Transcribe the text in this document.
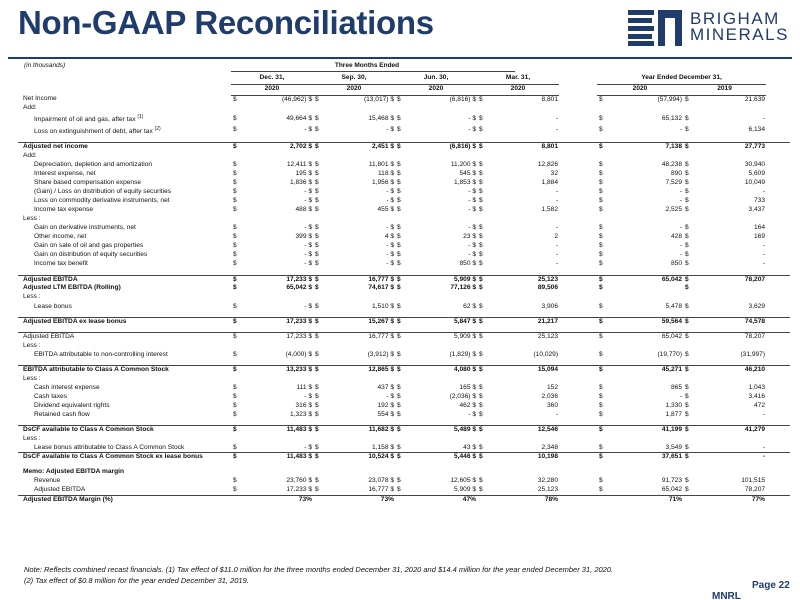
Non-GAAP Reconciliations	BRIGHAM
MINERALS
(in thousands)	Three Months Ended
	Dec. 31,		Sep. 30,		Jun. 30,		Mar. 31,			Year Ended December 31,				
	2020		2020		2020		2020			2020		2019		
Net Income	$	(46,962) $	$	(13,017) $	$	(6,816) $	$	8,801		$	(57,994)	$	21,639	
Add:														
Impairment of oil and gas, after tax $^{(1)}$	$	49,664 $	$	15,468 $	$	- $	$	-		$	65,132	$	-	
Loss on extinguishment of debt, after tax $^{(2)}$	$	- $	$	- $	$	- $	$	-		$	-	$	6,134	

Adjusted net income	$	2,702 $	$	2,451 $	$	(6,816) $	$	8,801		$	7,138	$	27,773	
Add:														
Depreciation, depletion and amortization	$	12,411 $	$	11,801 $	$	11,200 $	$	12,826		$	48,238	$	30,940	
Interest expense, net	$	195 $	$	118 $	$	545 $	$	32		$	890	$	5,609	
Share based compensation expense	$	1,836 $	$	1,956 $	$	1,853 $	$	1,884		$	7,529	$	10,049	
(Gain) / Loss on distribution of equity securities	$	- $	$	- $	$	- $	$	-		$	-	$	-	
Loss on commodity derivative instruments, net	$	- $	$	- $	$	- $	$	-		$	-	$	733	
Income tax expense	$	488 $	$	455 $	$	- $	$	1,582		$	2,525	$	3,437	
Less :														
Gain on derivative instruments, net	$	- $	$	- $	$	- $	$	-		$	-	$	164	
Other income, net	$	399 $	$	4 $	$	23 $	$	2		$	428	$	169	
Gain on sale of oil and gas properties	$	- $	$	- $	$	- $	$	-		$	-	$	-	
Gain on distribution of equity securities	$	- $	$	- $	$	- $	$	-		$	-	$	-	
Income tax benefit	$	- $	$	- $	$	850 $	$	-		$	850	$	-	

Adjusted EBITDA	$	17,233 $	$	16,777 $	$	5,909 $	$	25,123		$	65,042	$	78,207	
Adjusted LTM EBITDA (Rolling)	$	65,042 $	$	74,617 $	$	77,126 $	$	89,506		$		$		
Less :														
Lease bonus	$	- $	$	1,510 $	$	62 $	$	3,906		$	5,478	$	3,629	

Adjusted EBITDA ex lease bonus	$	17,233 $	$	15,267 $	$	5,847 $	$	21,217		$	59,564	$	74,578	

Adjusted EBITDA	$	17,233 $	$	16,777 $	$	5,909 $	$	25,123		$	65,042	$	78,207	
Less :														
EBITDA attributable to non-controlling interest	$	(4,000) $	$	(3,912) $	$	(1,829) $	$	(10,029)		$	(19,770)	$	(31,997)	

EBITDA attributable to Class A Common Stock	$	13,233 $	$	12,865 $	$	4,080 $	$	15,094		$	45,271	$	46,210	
Less :														
Cash interest expense	$	111 $	$	437 $	$	165 $	$	152		$	865	$	1,043	
Cash taxes	$	- $	$	- $	$	(2,036) $	$	2,036		$	-	$	3,416	
Dividend equivalent rights	$	316 $	$	192 $	$	462 $	$	360		$	1,330	$	472	
Retained cash flow	$	1,323 $	$	554 $	$	- $	$	-		$	1,877	$	-	

DsCF available to Class A Common Stock	$	11,483 $	$	11,682 $	$	5,489 $	$	12,546		$	41,199	$	41,279	
Less :														
Lease bonus attributable to Class A Common Stock	$	- $	$	1,158 $	$	43 $	$	2,348		$	3,549	$	-	
DsCF available to Class A Common Stock ex lease bonus	$	11,483 $	$	10,524 $	$	5,446 $	$	10,198		$	37,651	$	-	

Memo: Adjusted EBITDA margin														
Revenue	$	23,760 $	$	23,078 $	$	12,605 $	$	32,280		$	91,723	$	101,515	
Adjusted EBITDA	$	17,233 $	$	16,777 $	$	5,909 $	$	25,123		$	65,042	$	78,207	
Adjusted EBITDA Margin (%)		73%		73%		47%		78%			71%		77%	
Note: Reflects combined recast financials. (1) Tax effect of $11.0 million for the three months ended December 31, 2020 and $14.4 million for the year ended December 31, 2020.
(2) Tax effect of $0.8 million for the year ended December 31, 2019.	Page 22
MNRL
